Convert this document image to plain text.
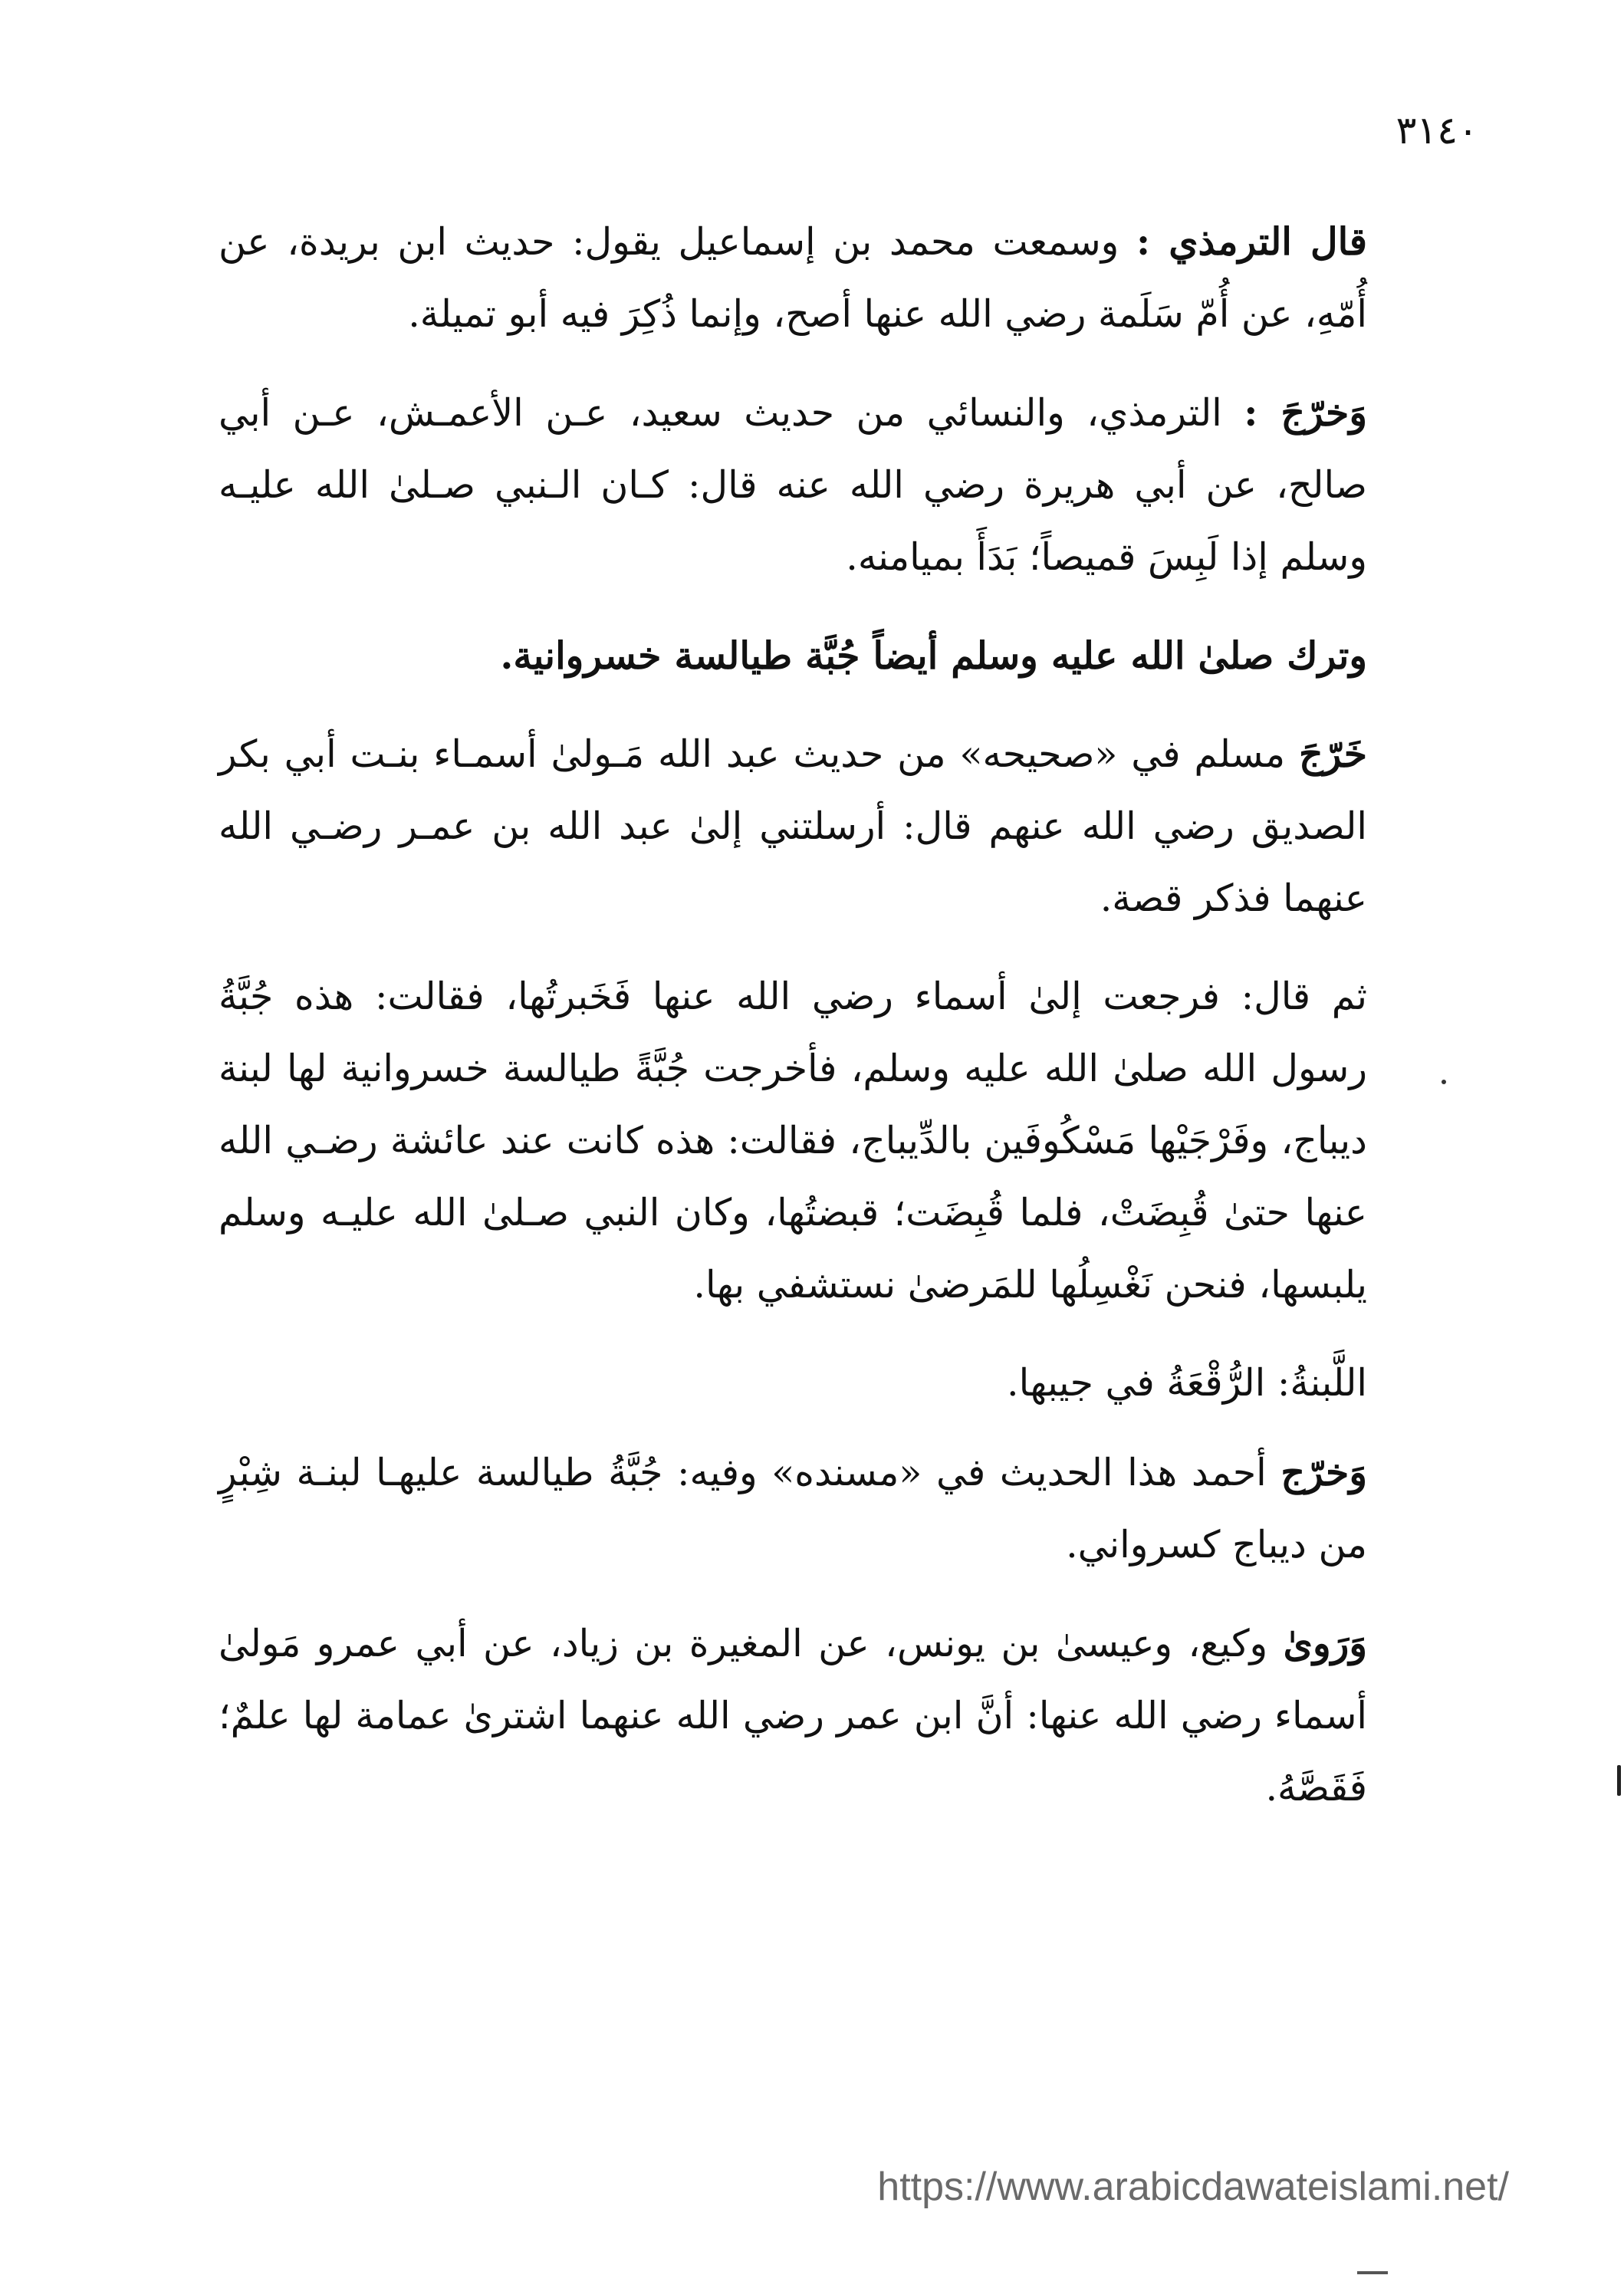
٣١٤٠

قال الترمذي : وسمعت محمد بن إسماعيل يقول: حديث ابن بريدة، عن أُمّهِ، عن أُمّ سَلَمة رضي الله عنها أصح، وإنما ذُكِرَ فيه أبو تميلة.

وَخرّجَ : الترمذي، والنسائي من حديث سعيد، عـن الأعمـش، عـن أبي صالح، عن أبي هريرة رضي الله عنه قال: كـان الـنبي صـلىٰ الله عليـه وسلم إذا لَبِسَ قميصاً؛ بَدَأَ بميامنه.

وترك صلىٰ الله عليه وسلم أيضاً جُبَّة طيالسة خسروانية.

خَرّجَ مسلم في «صحيحه» من حديث عبد الله مَـولىٰ أسمـاء بنـت أبي بكر الصديق رضي الله عنهم قال: أرسلتني إلىٰ عبد الله بن عمـر رضـي الله عنهما فذكر قصة.

ثم قال: فرجعت إلىٰ أسماء رضي الله عنها فَخَبرتُها، فقالت: هذه جُبَّةُ رسول الله صلىٰ الله عليه وسلم، فأخرجت جُبَّةً طيالسة خسروانية لها لبنة ديباج، وفَرْجَيْها مَسْكُوفَين بالدِّيباج، فقالت: هذه كانت عند عائشة رضـي الله عنها حتىٰ قُبِضَتْ، فلما قُبِضَت؛ قبضتُها، وكان النبي صـلىٰ الله عليـه وسلم يلبسها، فنحن نَغْسِلُها للمَرضىٰ نستشفي بها.

اللَّبنةُ: الرُّقْعَةُ في جيبها.

وَخرّج أحمد هذا الحديث في «مسنده» وفيه: جُبَّةُ طيالسة عليهـا لبنـة شِبْرٍ من ديباج كسرواني.

وَرَوىٰ وكيع، وعيسىٰ بن يونس، عن المغيرة بن زياد، عن أبي عمرو مَولىٰ أسماء رضي الله عنها: أنَّ ابن عمر رضي الله عنهما اشترىٰ عمامة لها علمٌ؛ فَقَصَّهُ.

https://www.arabicdawateislami.net/
